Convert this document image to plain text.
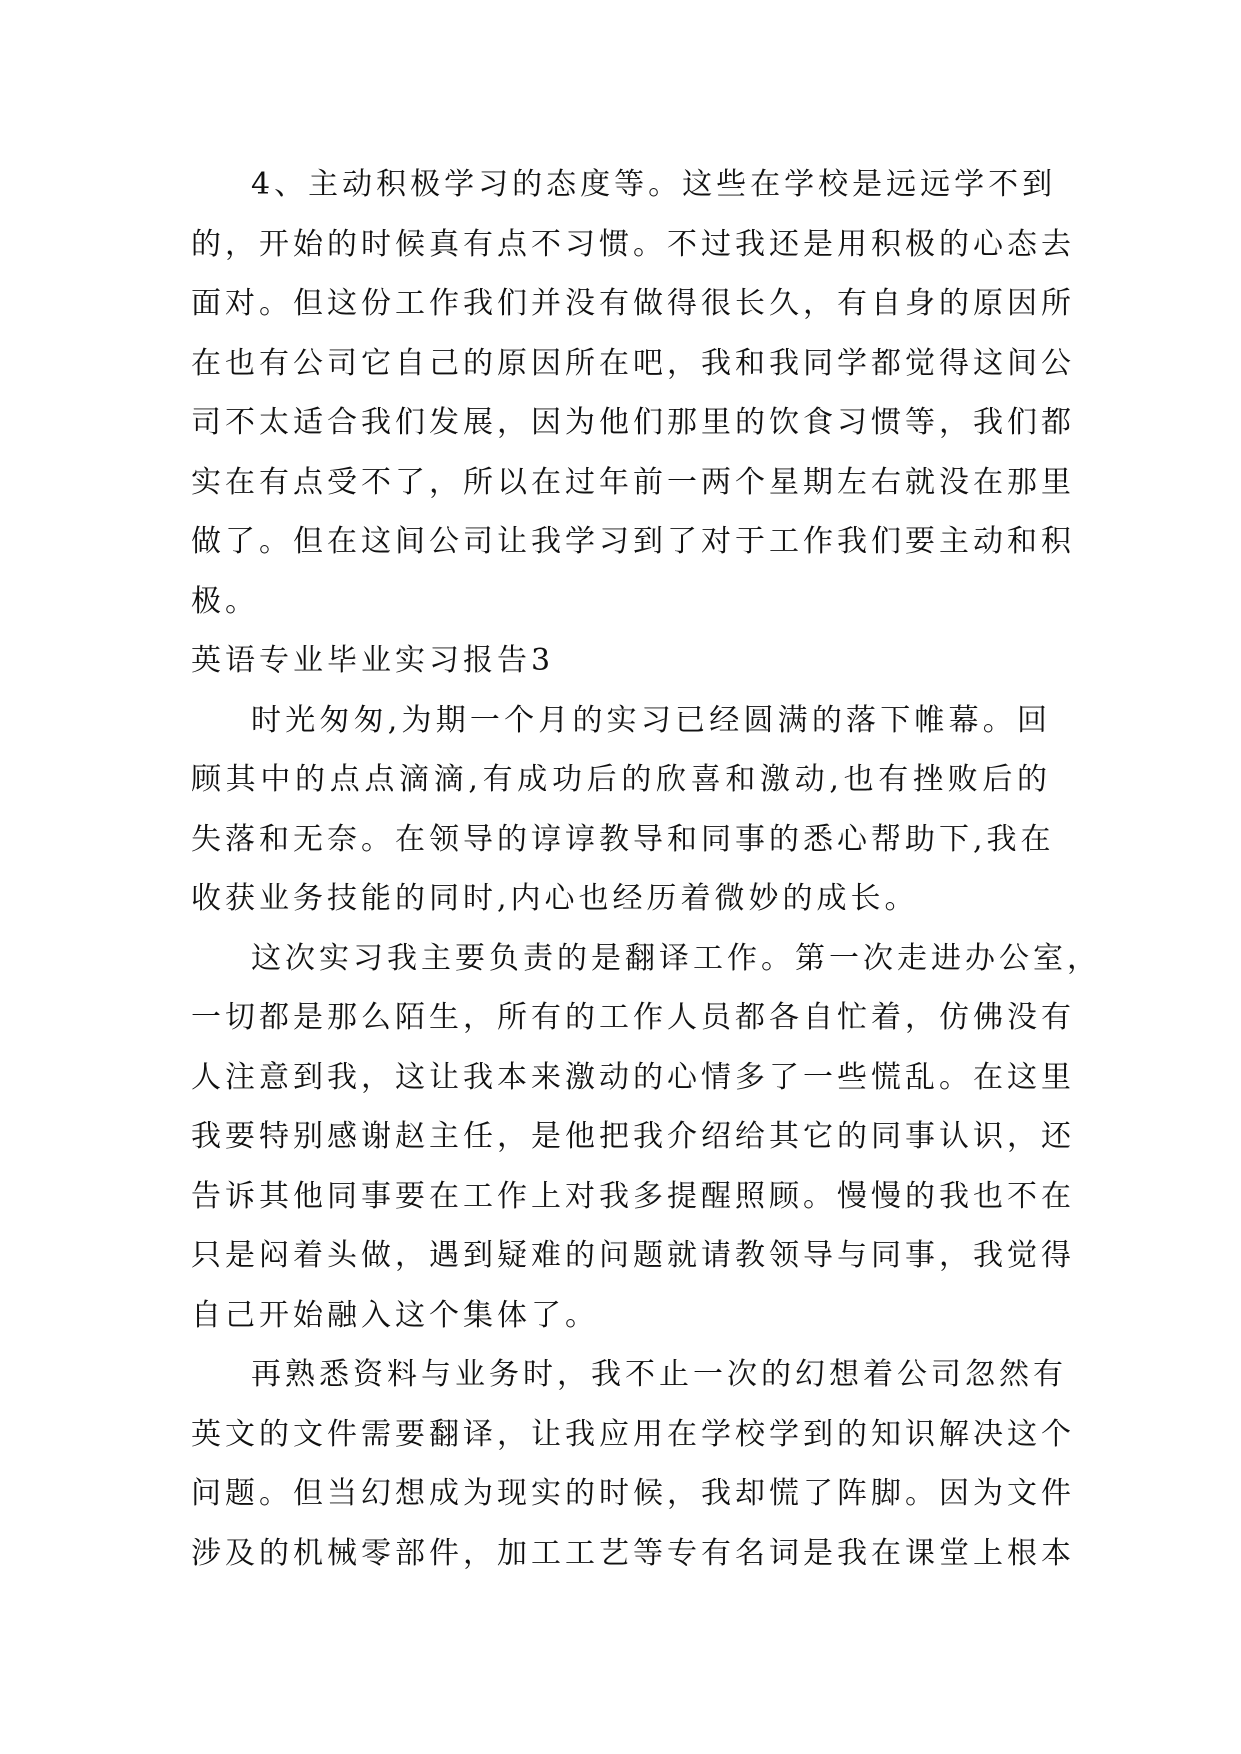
4、主动积极学习的态度等。这些在学校是远远学不到
的，开始的时候真有点不习惯。不过我还是用积极的心态去
面对。但这份工作我们并没有做得很长久，有自身的原因所
在也有公司它自己的原因所在吧，我和我同学都觉得这间公
司不太适合我们发展，因为他们那里的饮食习惯等，我们都
实在有点受不了，所以在过年前一两个星期左右就没在那里
做了。但在这间公司让我学习到了对于工作我们要主动和积
极。

英语专业毕业实习报告3

时光匆匆,为期一个月的实习已经圆满的落下帷幕。回
顾其中的点点滴滴,有成功后的欣喜和激动,也有挫败后的
失落和无奈。在领导的谆谆教导和同事的悉心帮助下,我在
收获业务技能的同时,内心也经历着微妙的成长。

这次实习我主要负责的是翻译工作。第一次走进办公室，
一切都是那么陌生，所有的工作人员都各自忙着，仿佛没有
人注意到我，这让我本来激动的心情多了一些慌乱。在这里
我要特别感谢赵主任，是他把我介绍给其它的同事认识，还
告诉其他同事要在工作上对我多提醒照顾。慢慢的我也不在
只是闷着头做，遇到疑难的问题就请教领导与同事，我觉得
自己开始融入这个集体了。

再熟悉资料与业务时，我不止一次的幻想着公司忽然有
英文的文件需要翻译，让我应用在学校学到的知识解决这个
问题。但当幻想成为现实的时候，我却慌了阵脚。因为文件
涉及的机械零部件，加工工艺等专有名词是我在课堂上根本
